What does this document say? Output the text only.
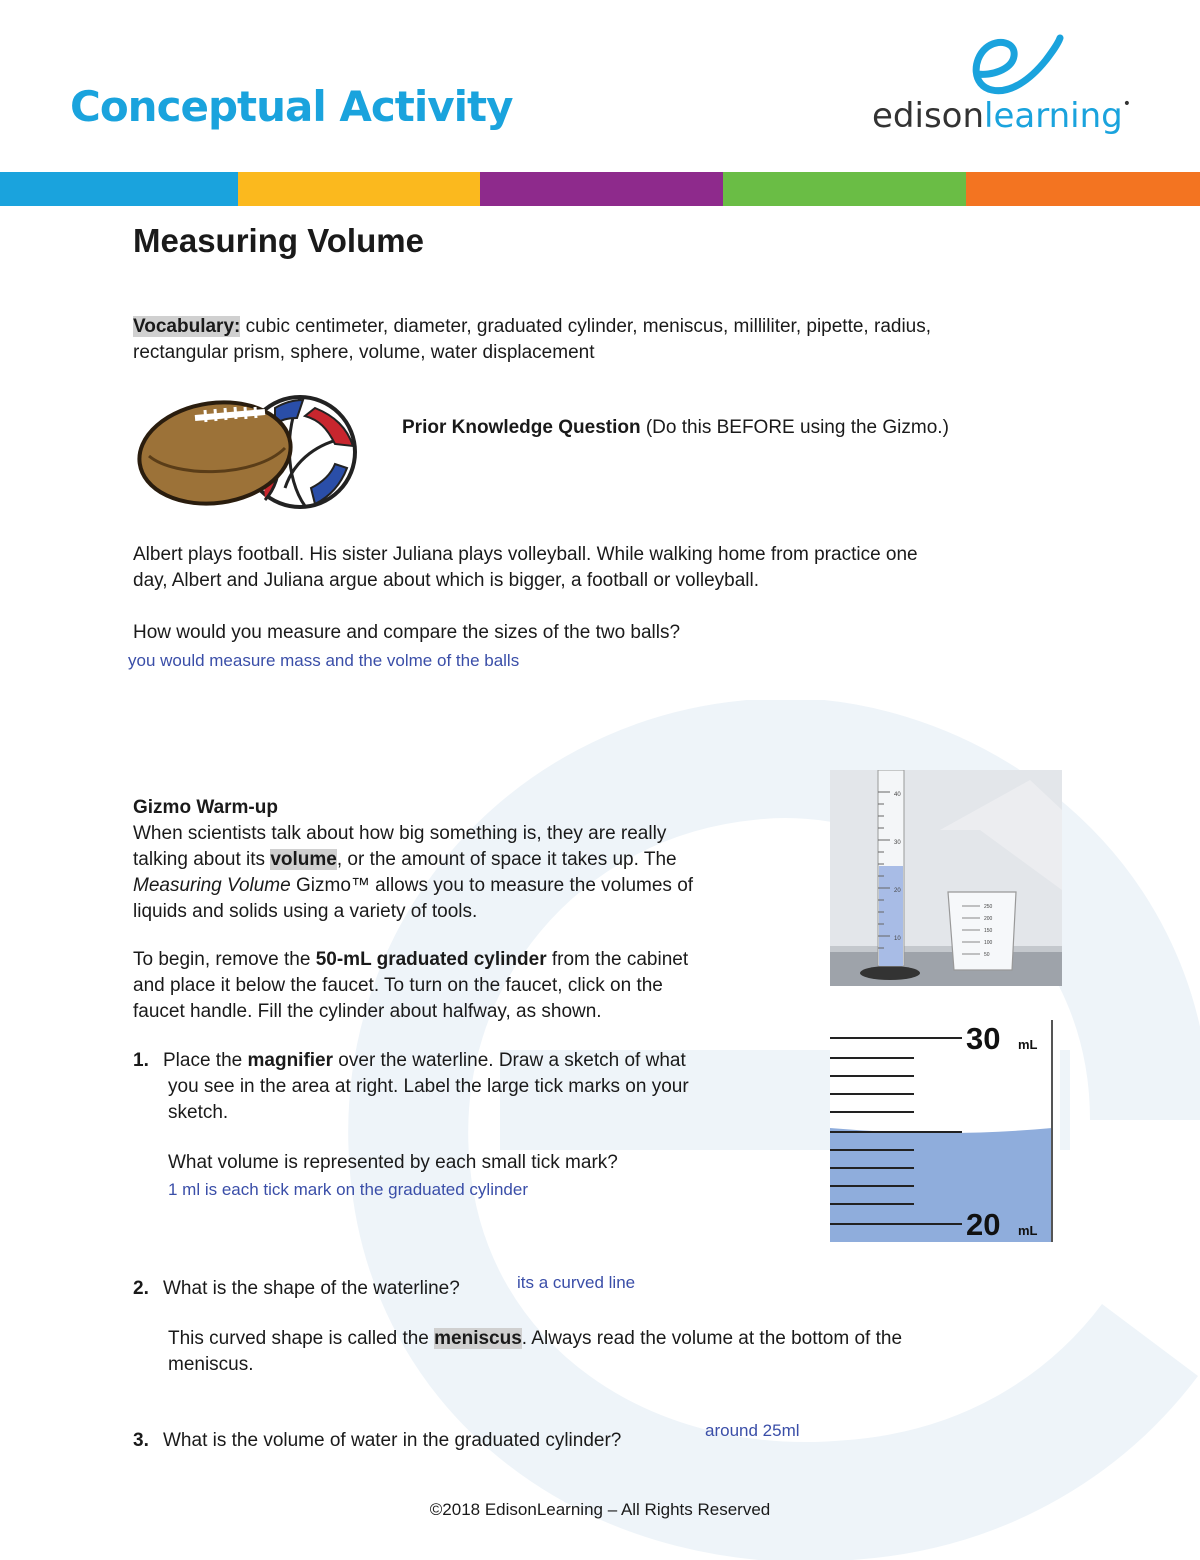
Conceptual Activity	edisonlearning•
Measuring Volume
Vocabulary: cubic centimeter, diameter, graduated cylinder, meniscus, milliliter, pipette, radius,
rectangular prism, sphere, volume, water displacement
Prior Knowledge Question (Do this BEFORE using the Gizmo.)
Albert plays football. His sister Juliana plays volleyball. While walking home from practice one
day, Albert and Juliana argue about which is bigger, a football or volleyball.
How would you measure and compare the sizes of the two balls?
you would measure mass and the volme of the balls
Gizmo Warm-up
When scientists talk about how big something is, they are really
talking about its volume, or the amount of space it takes up. The
Measuring Volume Gizmo™ allows you to measure the volumes of
liquids and solids using a variety of tools.
To begin, remove the 50-mL graduated cylinder from the cabinet
and place it below the faucet. To turn on the faucet, click on the
faucet handle. Fill the cylinder about halfway, as shown.
40
30
20
10
250
200
150
100
50
30 mL
20 mL
1. Place the magnifier over the waterline. Draw a sketch of what
you see in the area at right. Label the large tick marks on your
sketch.
What volume is represented by each small tick mark?
1 ml is each tick mark on the graduated cylinder
2. What is the shape of the waterline?	its a curved line
This curved shape is called the meniscus. Always read the volume at the bottom of the
meniscus.
3. What is the volume of water in the graduated cylinder?	around 25ml
©2018 EdisonLearning – All Rights Reserved
